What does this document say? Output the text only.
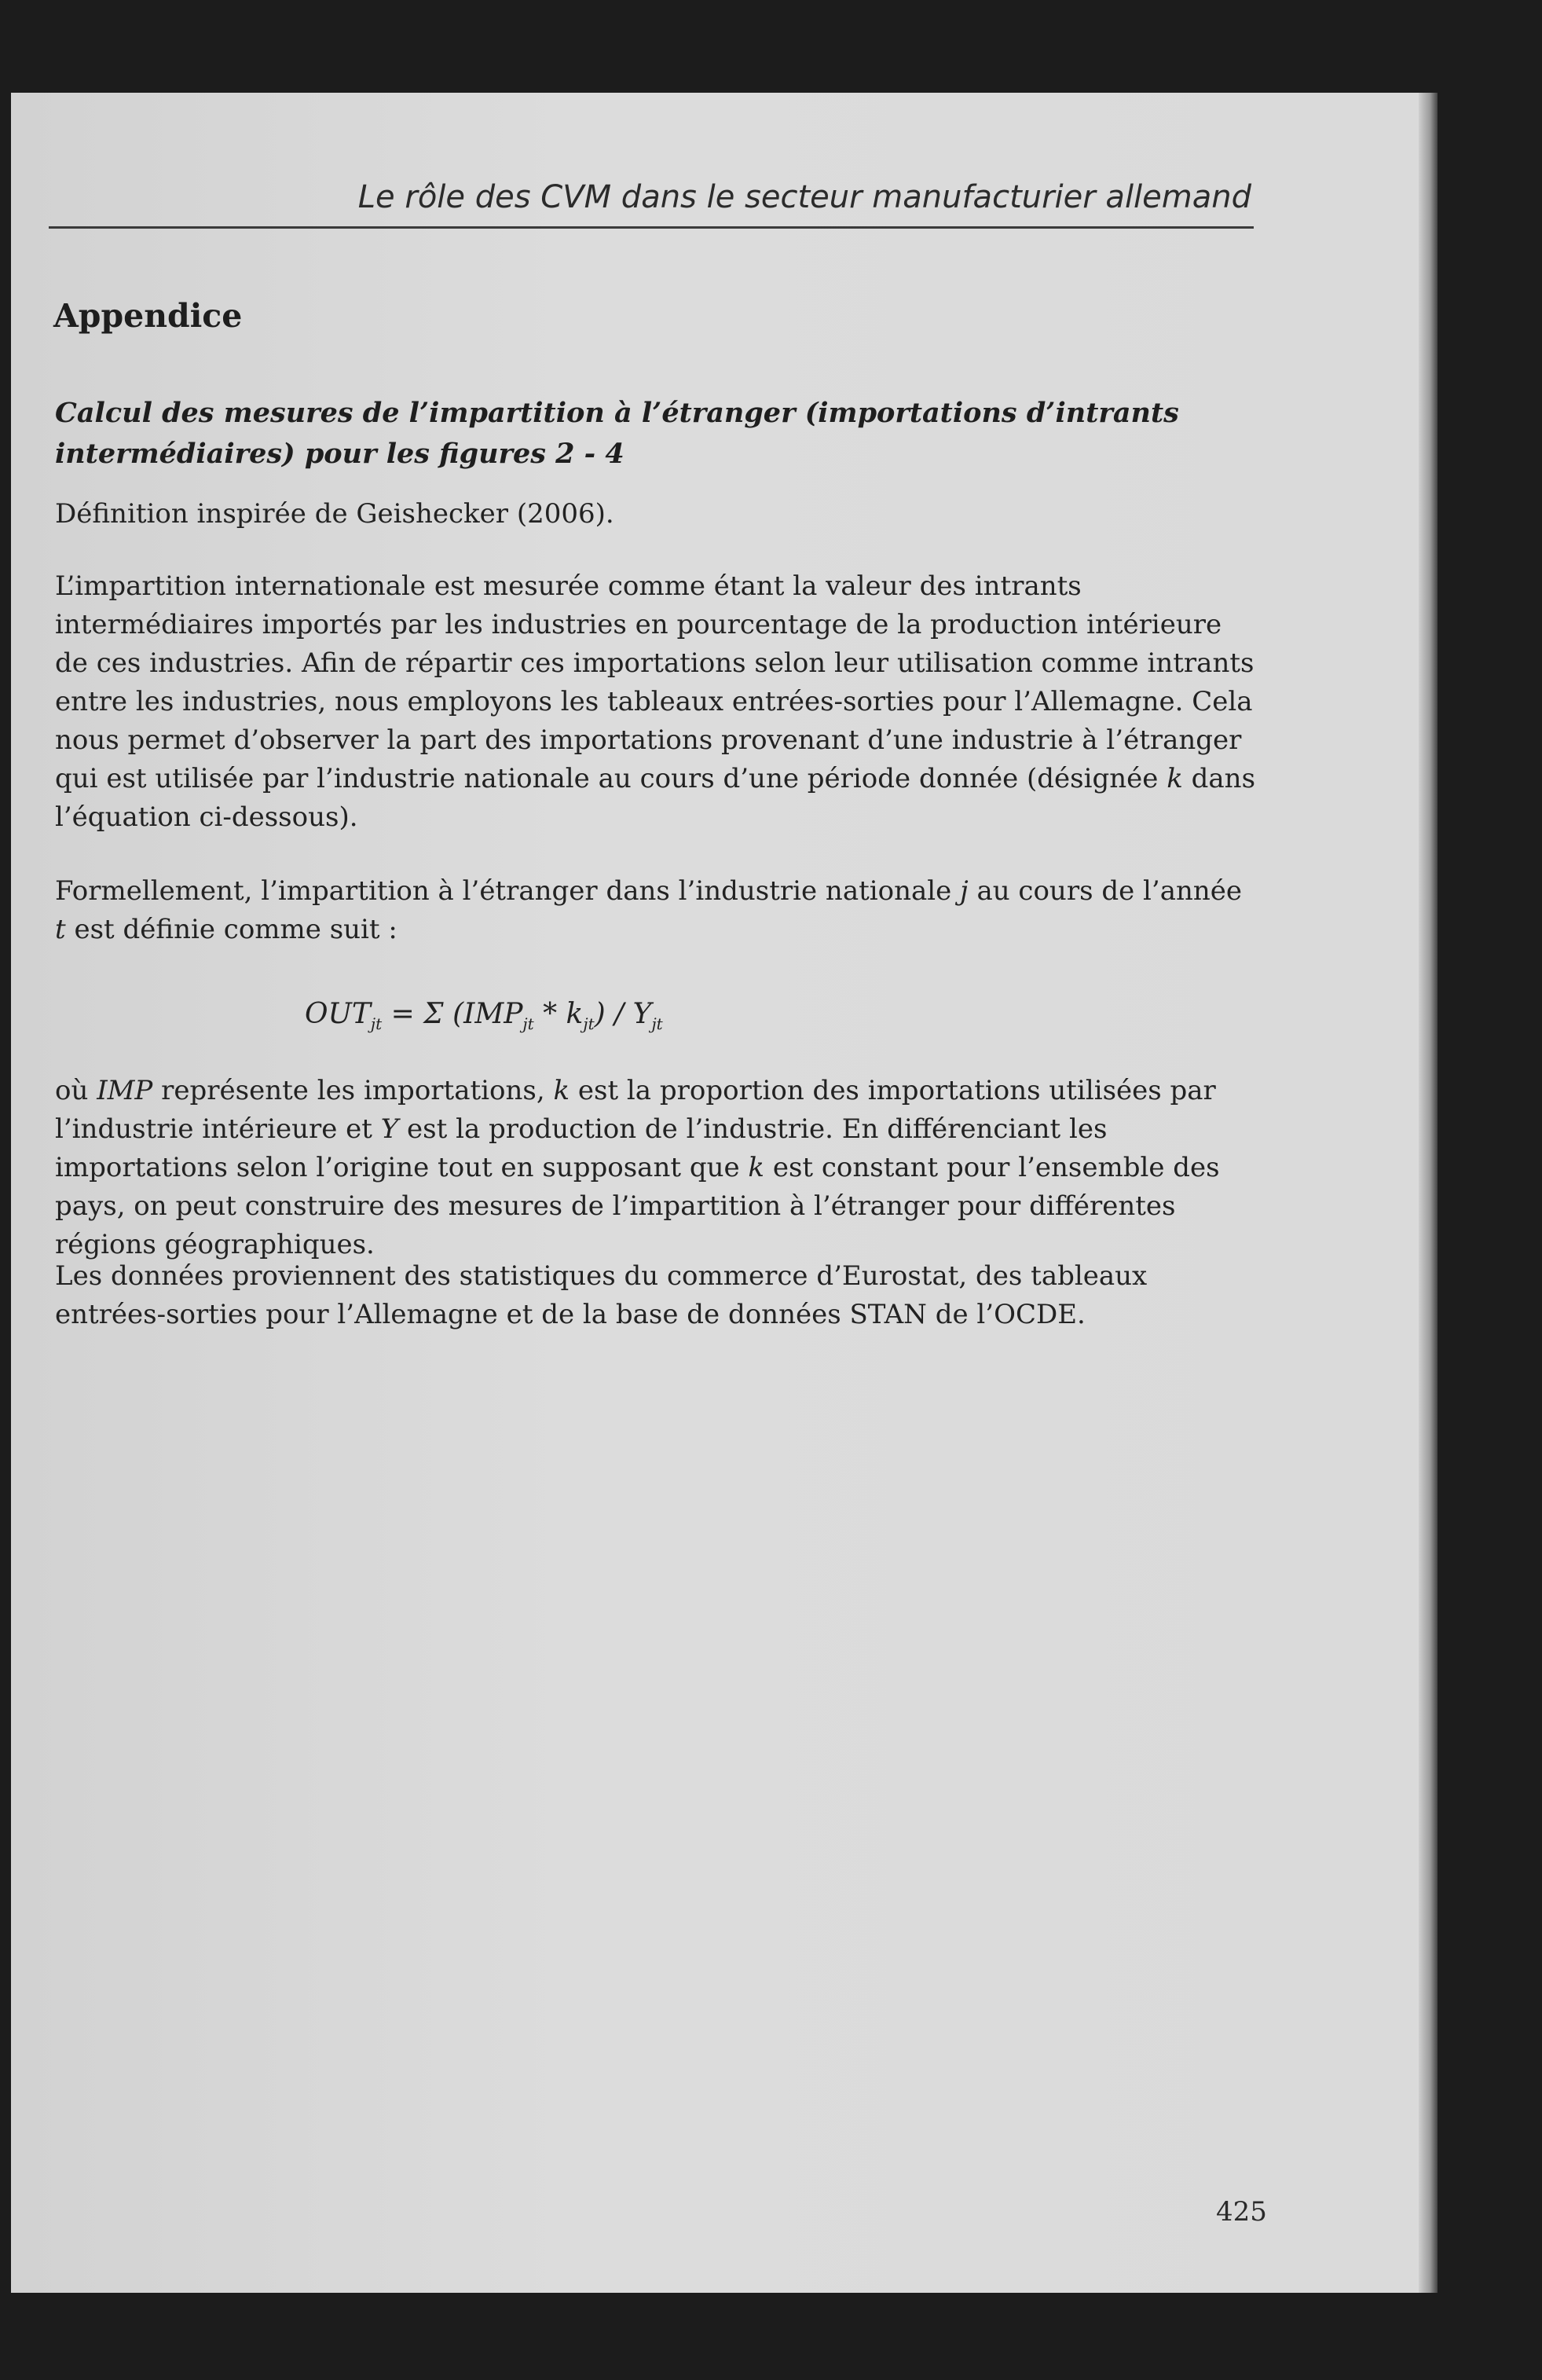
Le rôle des CVM dans le secteur manufacturier allemand
Appendice
Calcul des mesures de l’impartition à l’étranger (importations d’intrants intermédiaires) pour les figures 2 - 4
Définition inspirée de Geishecker (2006).
L’impartition internationale est mesurée comme étant la valeur des intrants intermédiaires importés par les industries en pourcentage de la production intérieure de ces industries. Afin de répartir ces importations selon leur utilisation comme intrants entre les industries, nous employons les tableaux entrées-sorties pour l’Allemagne. Cela nous permet d’observer la part des importations provenant d’une industrie à l’étranger qui est utilisée par l’industrie nationale au cours d’une période donnée (désignée k dans l’équation ci-dessous).
Formellement, l’impartition à l’étranger dans l’industrie nationale j au cours de l’année t est définie comme suit :
$OUT_{jt} = \Sigma$ $(IMP_{jt} * k_{jt}) / Y_{jt}$
où IMP représente les importations, k est la proportion des importations utilisées par l’industrie intérieure et Y est la production de l’industrie. En différenciant les importations selon l’origine tout en supposant que k est constant pour l’ensemble des pays, on peut construire des mesures de l’impartition à l’étranger pour différentes régions géographiques.
Les données proviennent des statistiques du commerce d’Eurostat, des tableaux entrées-sorties pour l’Allemagne et de la base de données STAN de l’OCDE.
425
